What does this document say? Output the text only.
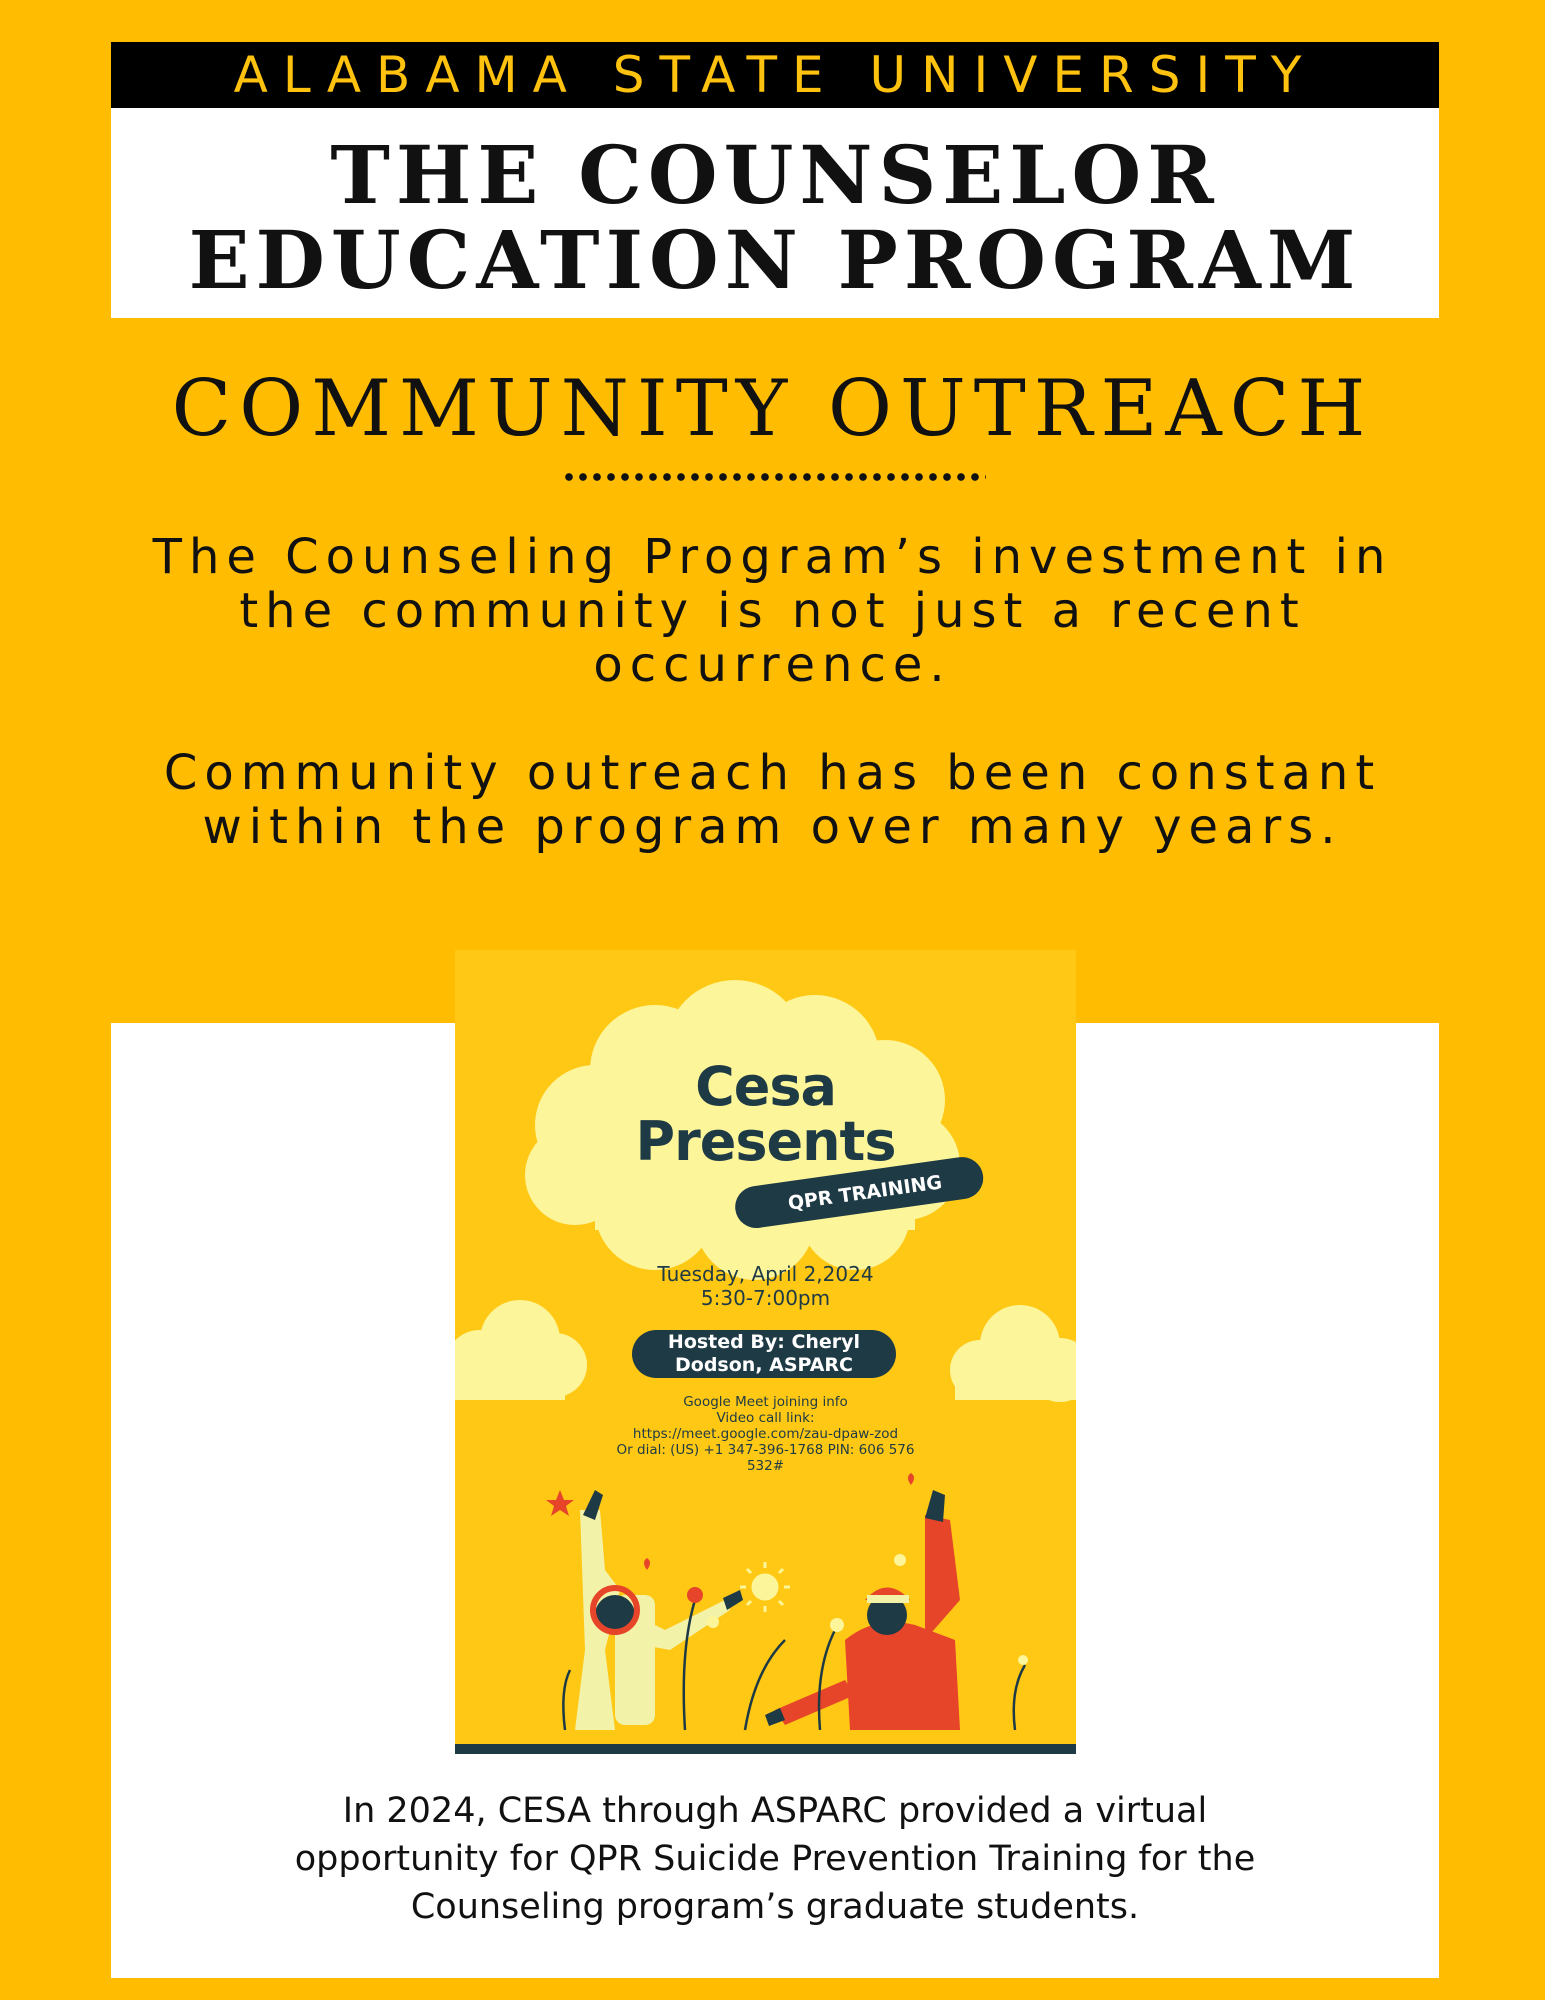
ALABAMA STATE UNIVERSITY
THE COUNSELOR
EDUCATION PROGRAM
COMMUNITY OUTREACH
The Counseling Program’s investment in the community is not just a recent occurrence.
Community outreach has been constant within the program over many years.
Cesa
Presents
QPR TRAINING
Tuesday, April 2,2024
5:30-7:00pm
Hosted By: Cheryl
Dodson, ASPARC
Google Meet joining info
Video call link:
https://meet.google.com/zau-dpaw-zod
Or dial: (US) +1 347-396-1768 PIN: 606 576
532#
In 2024, CESA through ASPARC provided a virtual
opportunity for QPR Suicide Prevention Training for the
Counseling program’s graduate students.
